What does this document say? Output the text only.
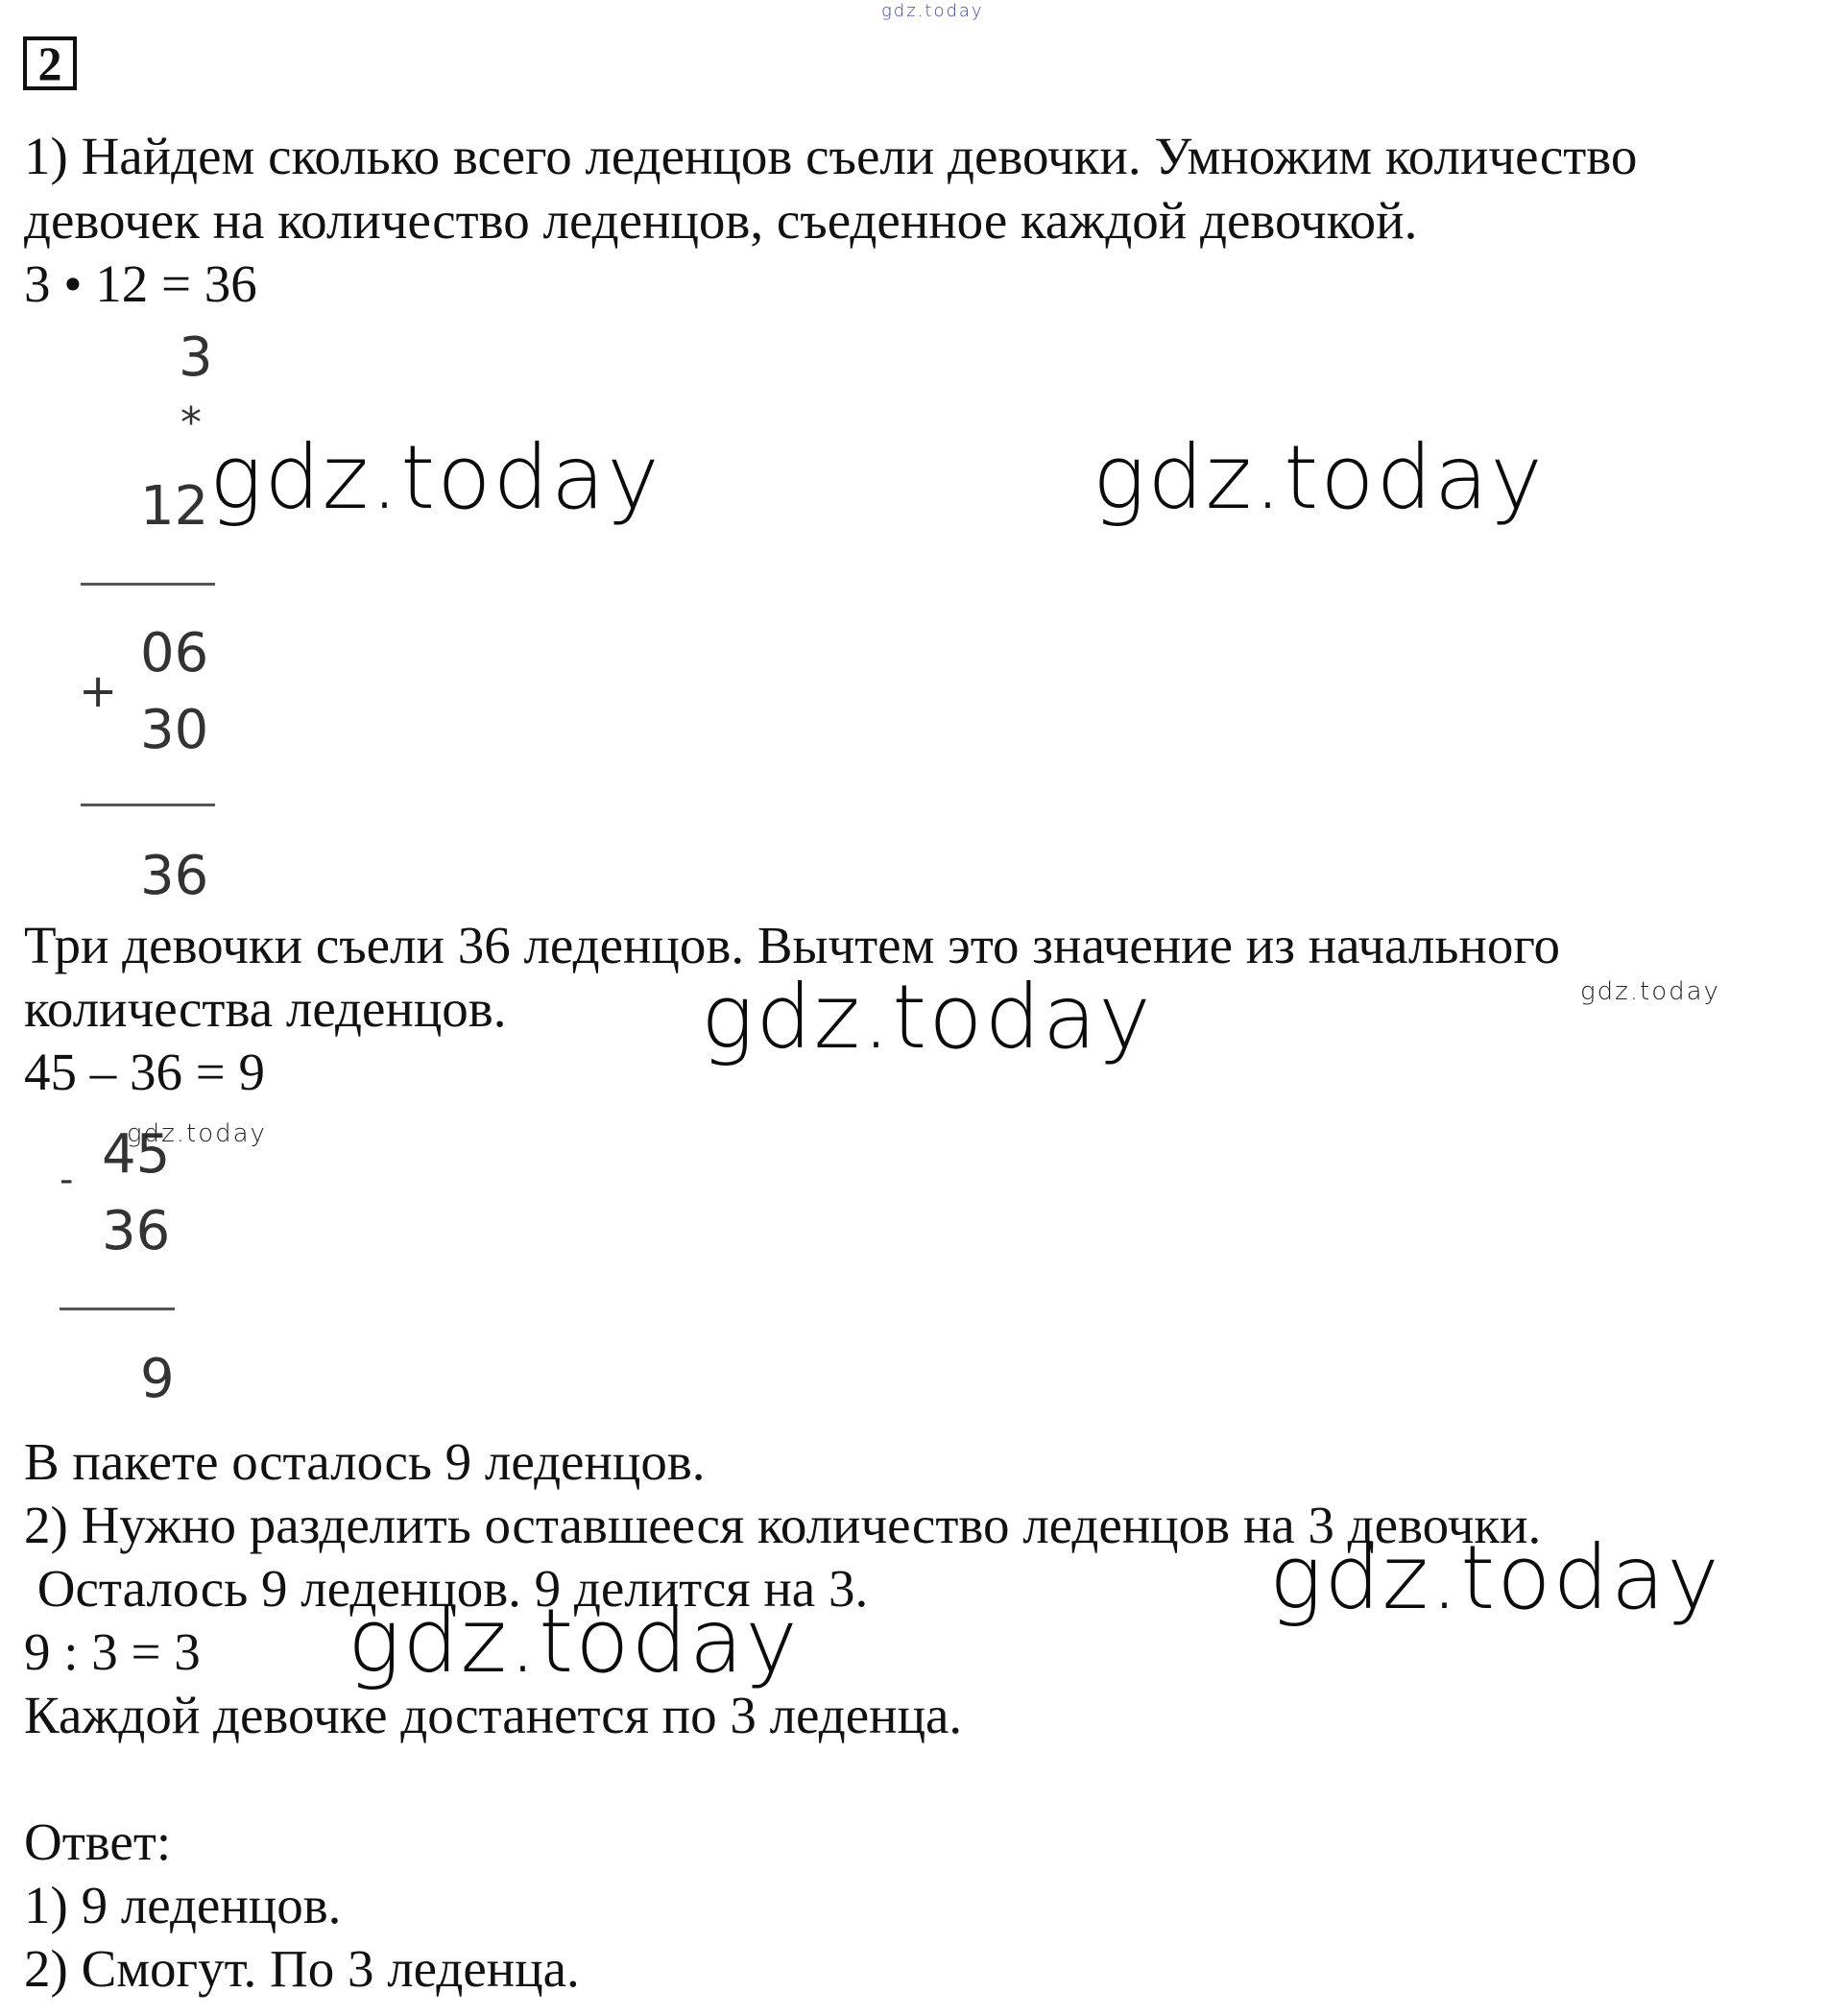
2
gdz.today
1) Найдем сколько всего леденцов съели девочки. Умножим количество
девочек на количество леденцов, съеденное каждой девочкой.
3 • 12 = 36
3
*
12
06
+
30
36
Три девочки съели 36 леденцов. Вычтем это значение из начального
количества леденцов.
45 – 36 = 9
45
-
36
9
В пакете осталось 9 леденцов.
2) Нужно разделить оставшееся количество леденцов на 3 девочки.
Осталось 9 леденцов. 9 делится на 3.
9 : 3 = 3
Каждой девочке достанется по 3 леденца.
Ответ:
1) 9 леденцов.
2) Смогут. По 3 леденца.
gdz.today	gdz.today
gdz.today
gdz.today
gdz.today
gdz.today
gdz.today
